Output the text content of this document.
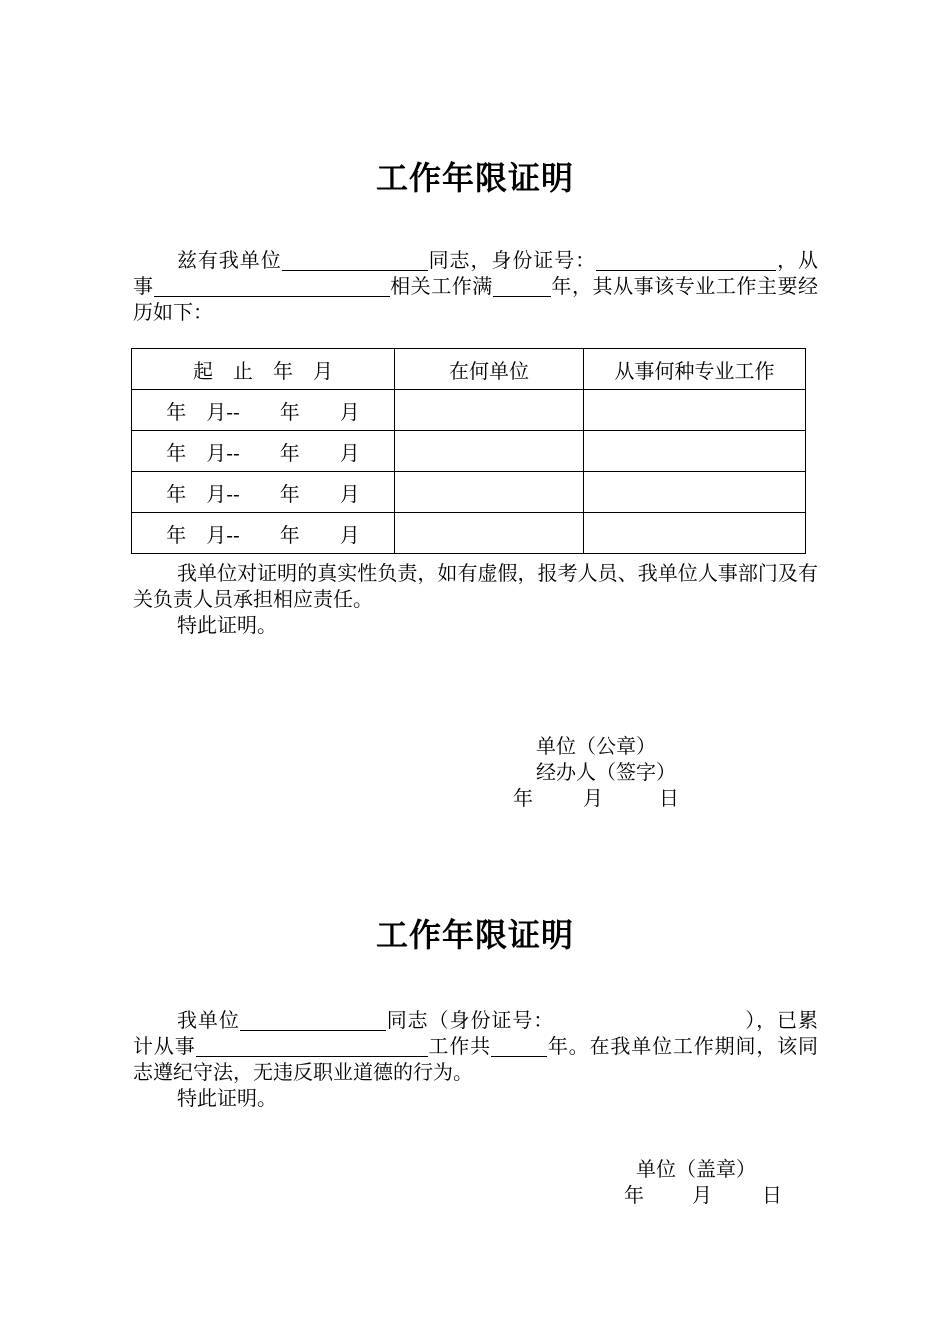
工作年限证明
兹有我单位	同志，身份证号：	，从事	相关工作满	年，其从事该专业工作主要经历如下：
起　止　年　月	在何单位	从事何种专业工作
年　月--　　年　　月		
年　月--　　年　　月		
年　月--　　年　　月		
年　月--　　年　　月		
我单位对证明的真实性负责，如有虚假，报考人员、我单位人事部门及有关负责人员承担相应责任。
特此证明。
单位（公章）
经办人（签字）
年	月	日
工作年限证明
我单位	同志（身份证号：	），已累计从事	工作共	年。在我单位工作期间，该同志遵纪守法，无违反职业道德的行为。
特此证明。
单位（盖章）
年 月	日
